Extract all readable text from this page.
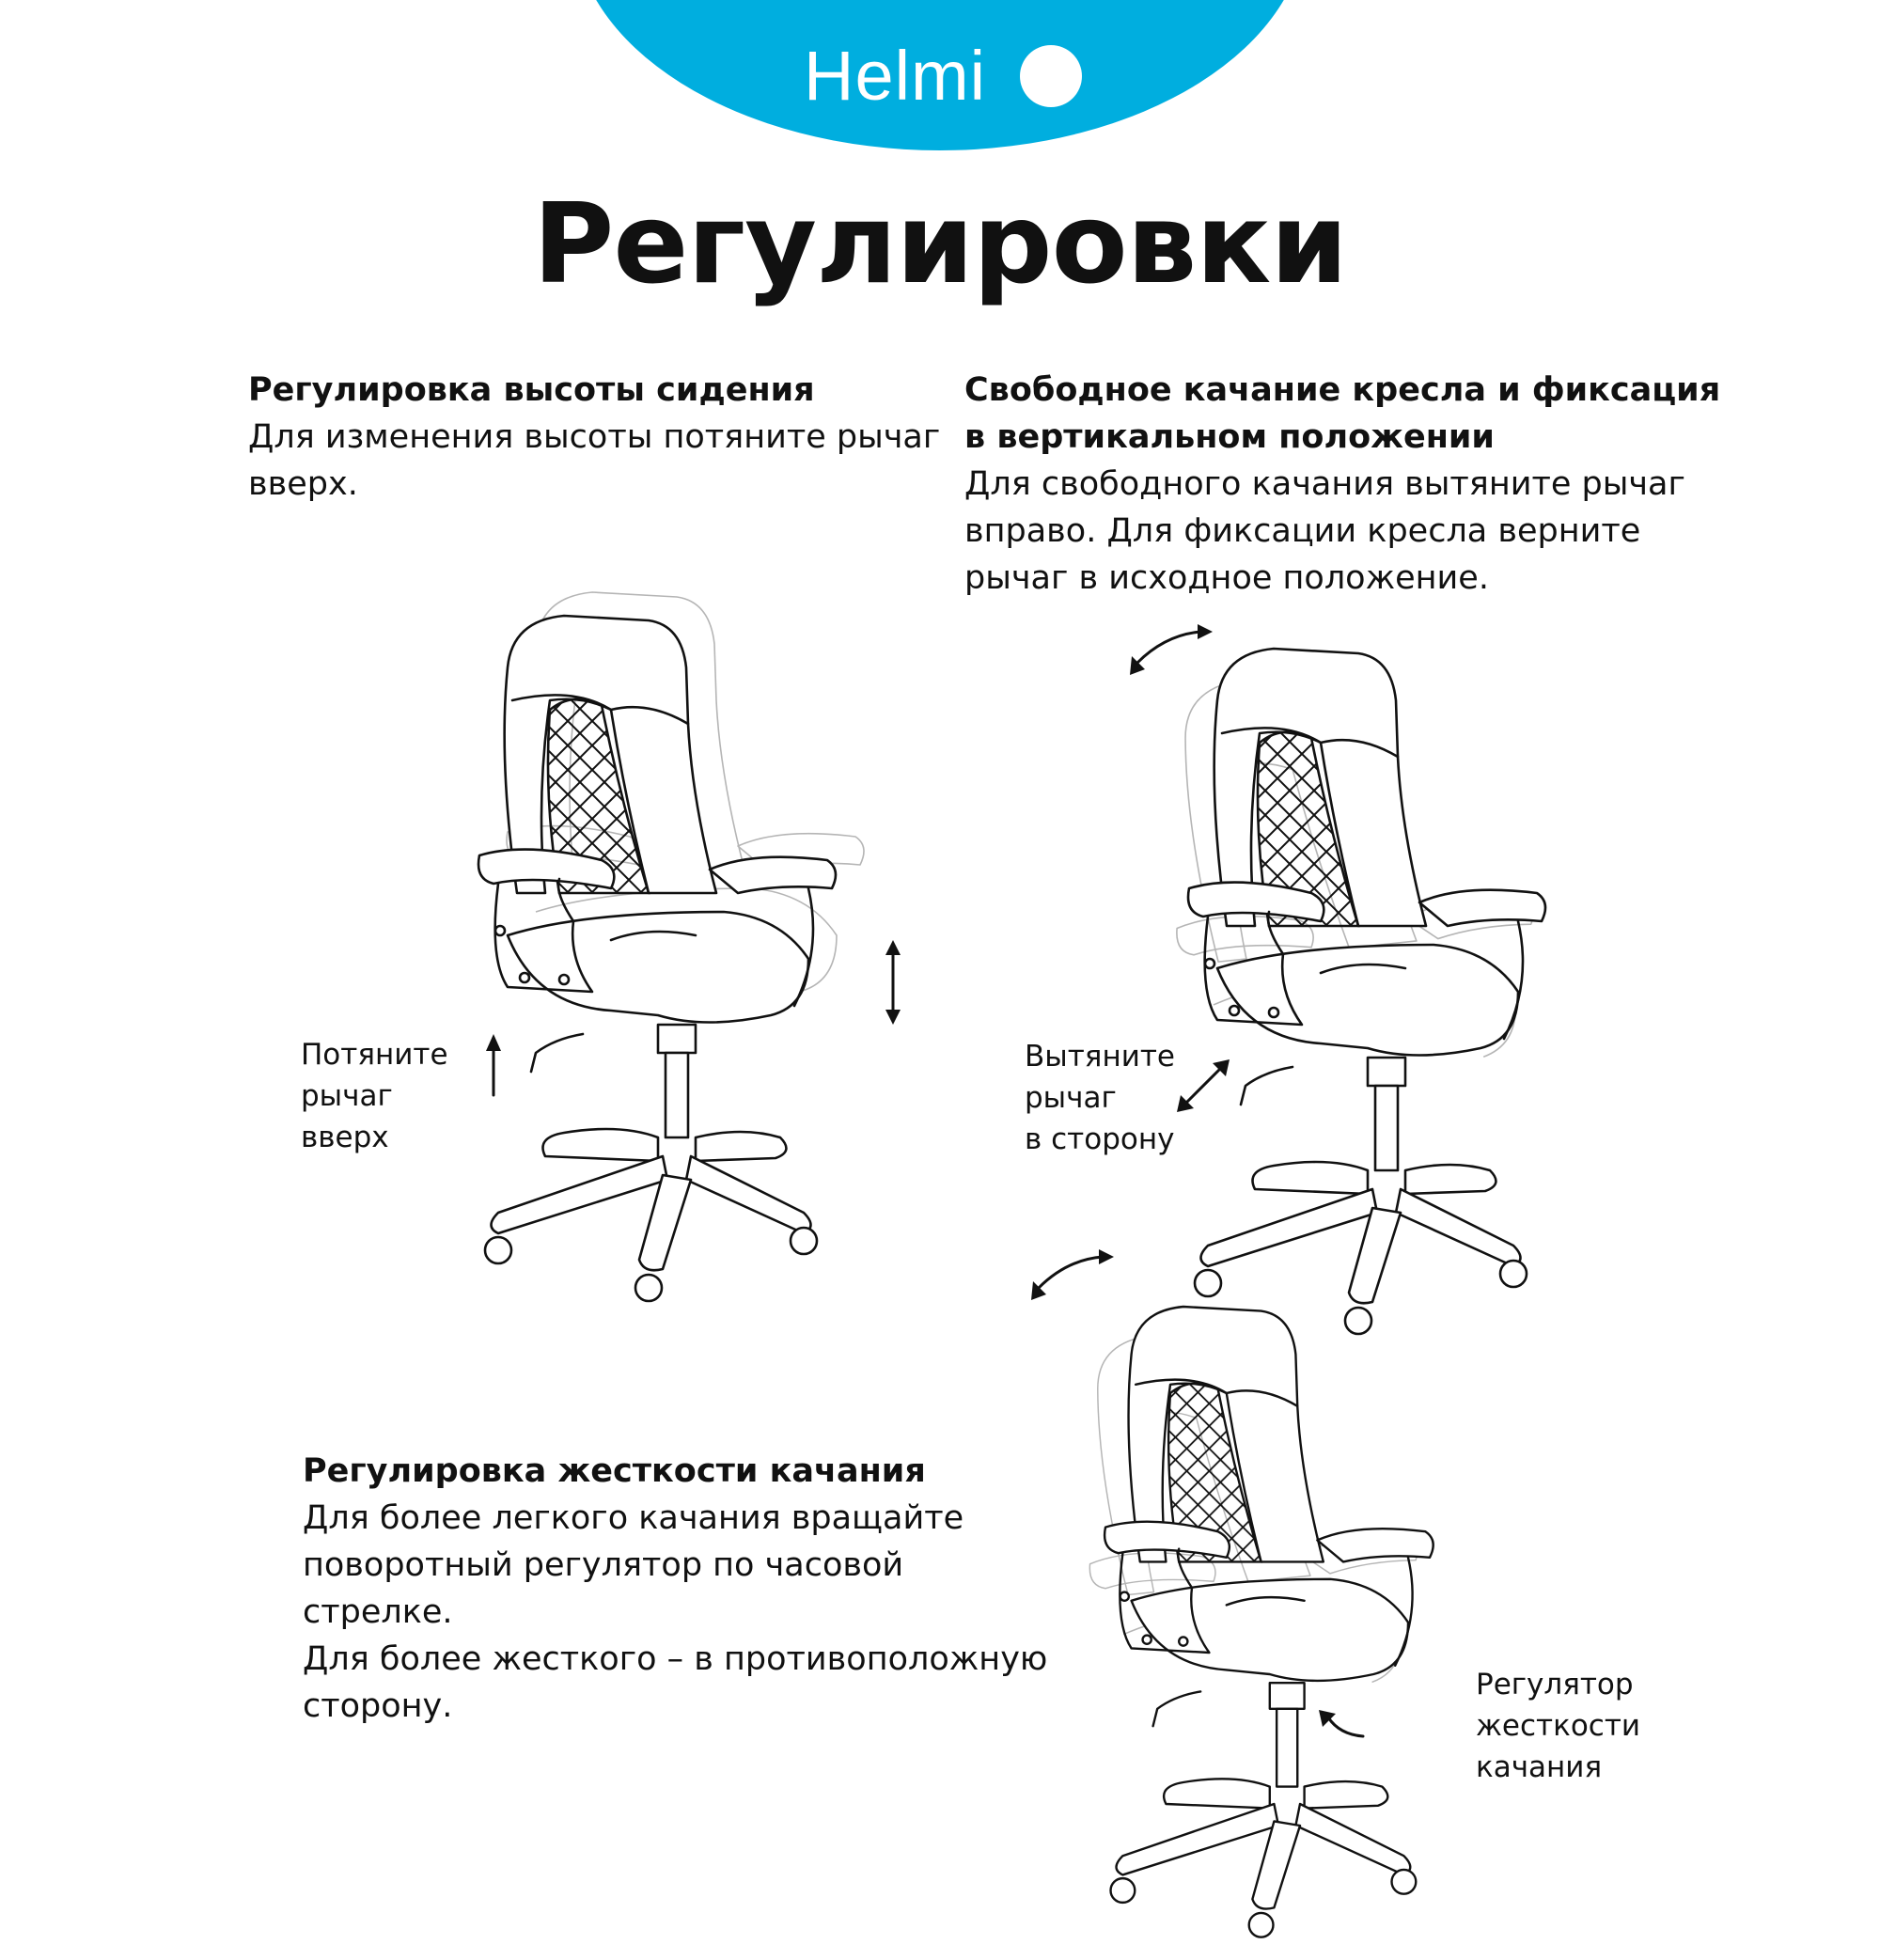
Helmi
Регулировки
Регулировка высоты сидения
Для изменения высоты потяните рычаг
вверх.
Свободное качание кресла и фиксация
в вертикальном положении
Для свободного качания вытяните рычаг
вправо. Для фиксации кресла верните
рычаг в исходное положение.
Регулировка жесткости качания
Для более легкого качания вращайте
поворотный регулятор по часовой стрелке.
Для более жесткого – в противоположную
сторону.
Потяните
рычаг
вверх
Вытяните
рычаг
в сторону
Регулятор
жесткости
качания
